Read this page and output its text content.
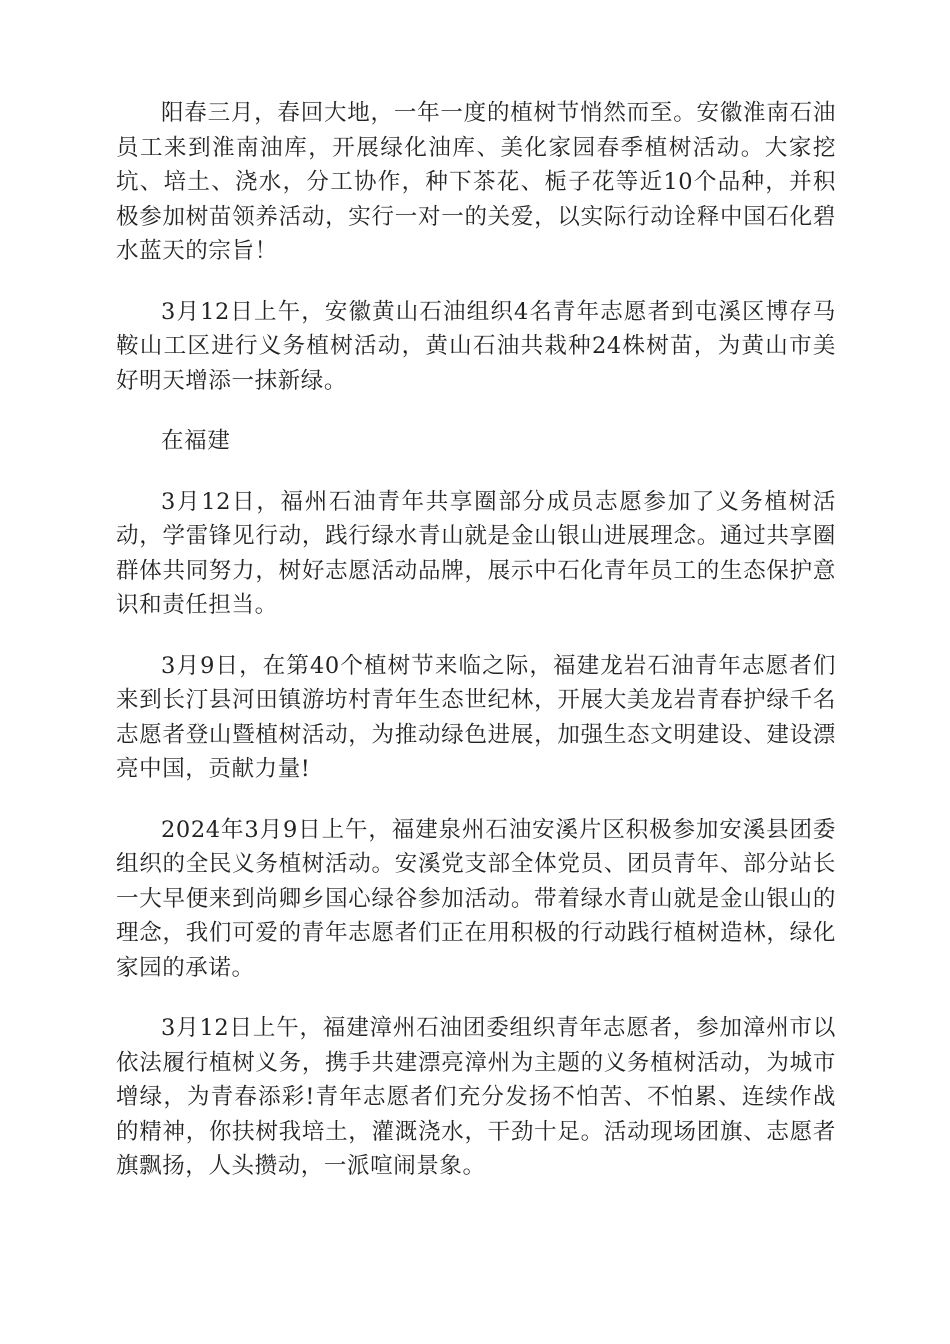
阳春三月，春回大地，一年一度的植树节悄然而至。安徽淮南石油员工来到淮南油库，开展绿化油库、美化家园春季植树活动。大家挖坑、培土、浇水，分工协作，种下茶花、栀子花等近10个品种，并积极参加树苗领养活动，实行一对一的关爱，以实际行动诠释中国石化碧水蓝天的宗旨！

3月12日上午，安徽黄山石油组织4名青年志愿者到屯溪区博存马鞍山工区进行义务植树活动，黄山石油共栽种24株树苗，为黄山市美好明天增添一抹新绿。

在福建

3月12日，福州石油青年共享圈部分成员志愿参加了义务植树活动，学雷锋见行动，践行绿水青山就是金山银山进展理念。通过共享圈群体共同努力，树好志愿活动品牌，展示中石化青年员工的生态保护意识和责任担当。

3月9日，在第40个植树节来临之际，福建龙岩石油青年志愿者们来到长汀县河田镇游坊村青年生态世纪林，开展大美龙岩青春护绿千名志愿者登山暨植树活动，为推动绿色进展，加强生态文明建设、建设漂亮中国，贡献力量!

2024年3月9日上午，福建泉州石油安溪片区积极参加安溪县团委组织的全民义务植树活动。安溪党支部全体党员、团员青年、部分站长一大早便来到尚卿乡国心绿谷参加活动。带着绿水青山就是金山银山的理念，我们可爱的青年志愿者们正在用积极的行动践行植树造林，绿化家园的承诺。

3月12日上午，福建漳州石油团委组织青年志愿者，参加漳州市以依法履行植树义务，携手共建漂亮漳州为主题的义务植树活动，为城市增绿，为青春添彩!青年志愿者们充分发扬不怕苦、不怕累、连续作战的精神，你扶树我培土，灌溉浇水，干劲十足。活动现场团旗、志愿者旗飘扬，人头攒动，一派喧闹景象。
